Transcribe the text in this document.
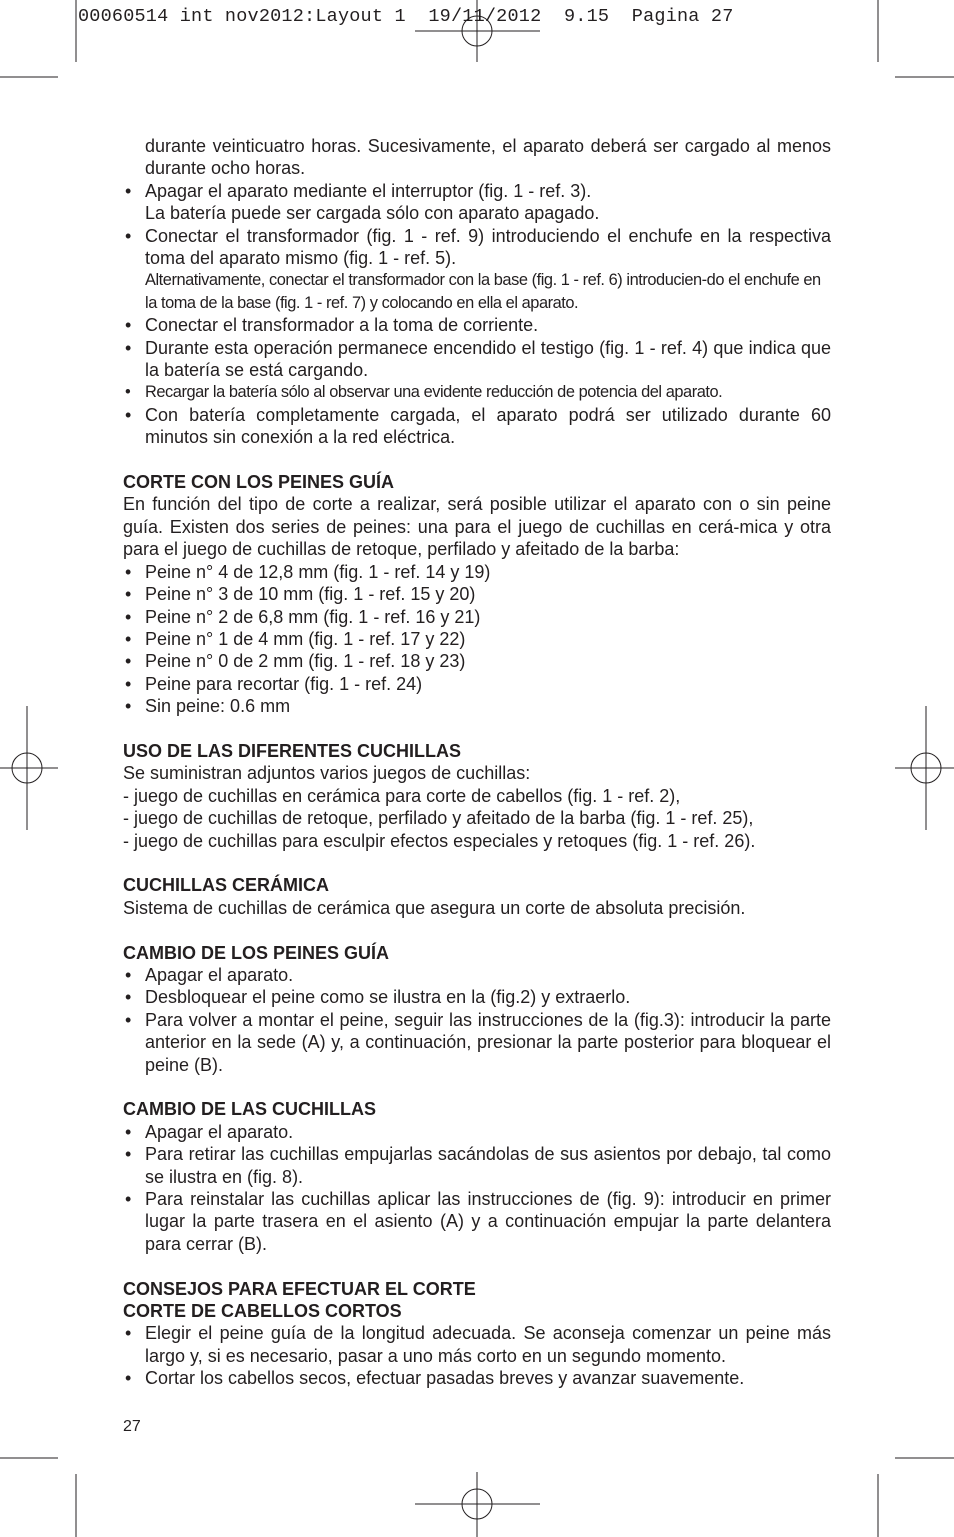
00060514 int nov2012:Layout 1  19/11/2012  9.15  Pagina 27
durante veinticuatro horas. Sucesivamente, el aparato deberá ser cargado al menos durante ocho horas.
• Apagar el aparato mediante el interruptor (fig. 1 - ref. 3).
La batería puede ser cargada sólo con aparato apagado.
• Conectar el transformador (fig. 1 - ref. 9) introduciendo el enchufe en la respectiva toma del aparato mismo (fig. 1 - ref. 5).
Alternativamente, conectar el transformador con la base (fig. 1 - ref. 6) introducien-do el enchufe en la toma de la base (fig. 1 - ref. 7) y colocando en ella el aparato.
• Conectar el transformador a la toma de corriente.
• Durante esta operación permanece encendido el testigo (fig. 1 - ref. 4) que indica que la batería se está cargando.
• Recargar la batería sólo al observar una evidente reducción de potencia del aparato.
• Con batería completamente cargada, el aparato podrá ser utilizado durante 60 minutos sin conexión a la red eléctrica.
CORTE CON LOS PEINES GUÍA
En función del tipo de corte a realizar, será posible utilizar el aparato con o sin peine guía. Existen dos series de peines: una para el juego de cuchillas en cerá-mica y otra para el juego de cuchillas de retoque, perfilado y afeitado de la barba:
• Peine n° 4 de 12,8 mm (fig. 1 - ref. 14 y 19)
• Peine n° 3 de 10 mm (fig. 1 - ref. 15 y 20)
• Peine n° 2 de 6,8 mm (fig. 1 - ref. 16 y 21)
• Peine n° 1 de 4 mm (fig. 1 - ref. 17 y 22)
• Peine n° 0 de 2 mm (fig. 1 - ref. 18 y 23)
• Peine para recortar (fig. 1 - ref. 24)
• Sin peine: 0.6 mm
USO DE LAS DIFERENTES CUCHILLAS
Se suministran adjuntos varios juegos de cuchillas:
- juego de cuchillas en cerámica para corte de cabellos (fig. 1 - ref. 2),
- juego de cuchillas de retoque, perfilado y afeitado de la barba (fig. 1 - ref. 25),
- juego de cuchillas para esculpir efectos especiales y retoques (fig. 1 - ref. 26).
CUCHILLAS CERÁMICA
Sistema de cuchillas de cerámica que asegura un corte de absoluta precisión.
CAMBIO DE LOS PEINES GUÍA
• Apagar el aparato.
• Desbloquear el peine como se ilustra en la (fig.2) y extraerlo.
• Para volver a montar el peine, seguir las instrucciones de la (fig.3): introducir la parte anterior en la sede (A) y, a continuación, presionar la parte posterior para bloquear el peine (B).
CAMBIO DE LAS CUCHILLAS
• Apagar el aparato.
• Para retirar las cuchillas empujarlas sacándolas de sus asientos por debajo, tal como se ilustra en (fig. 8).
• Para reinstalar las cuchillas aplicar las instrucciones de (fig. 9): introducir en primer lugar la parte trasera en el asiento (A) y a continuación empujar la parte delantera para cerrar (B).
CONSEJOS PARA EFECTUAR EL CORTE
CORTE DE CABELLOS CORTOS
• Elegir el peine guía de la longitud adecuada. Se aconseja comenzar un peine más largo y, si es necesario, pasar a uno más corto en un segundo momento.
• Cortar los cabellos secos, efectuar pasadas breves y avanzar suavemente.
27
